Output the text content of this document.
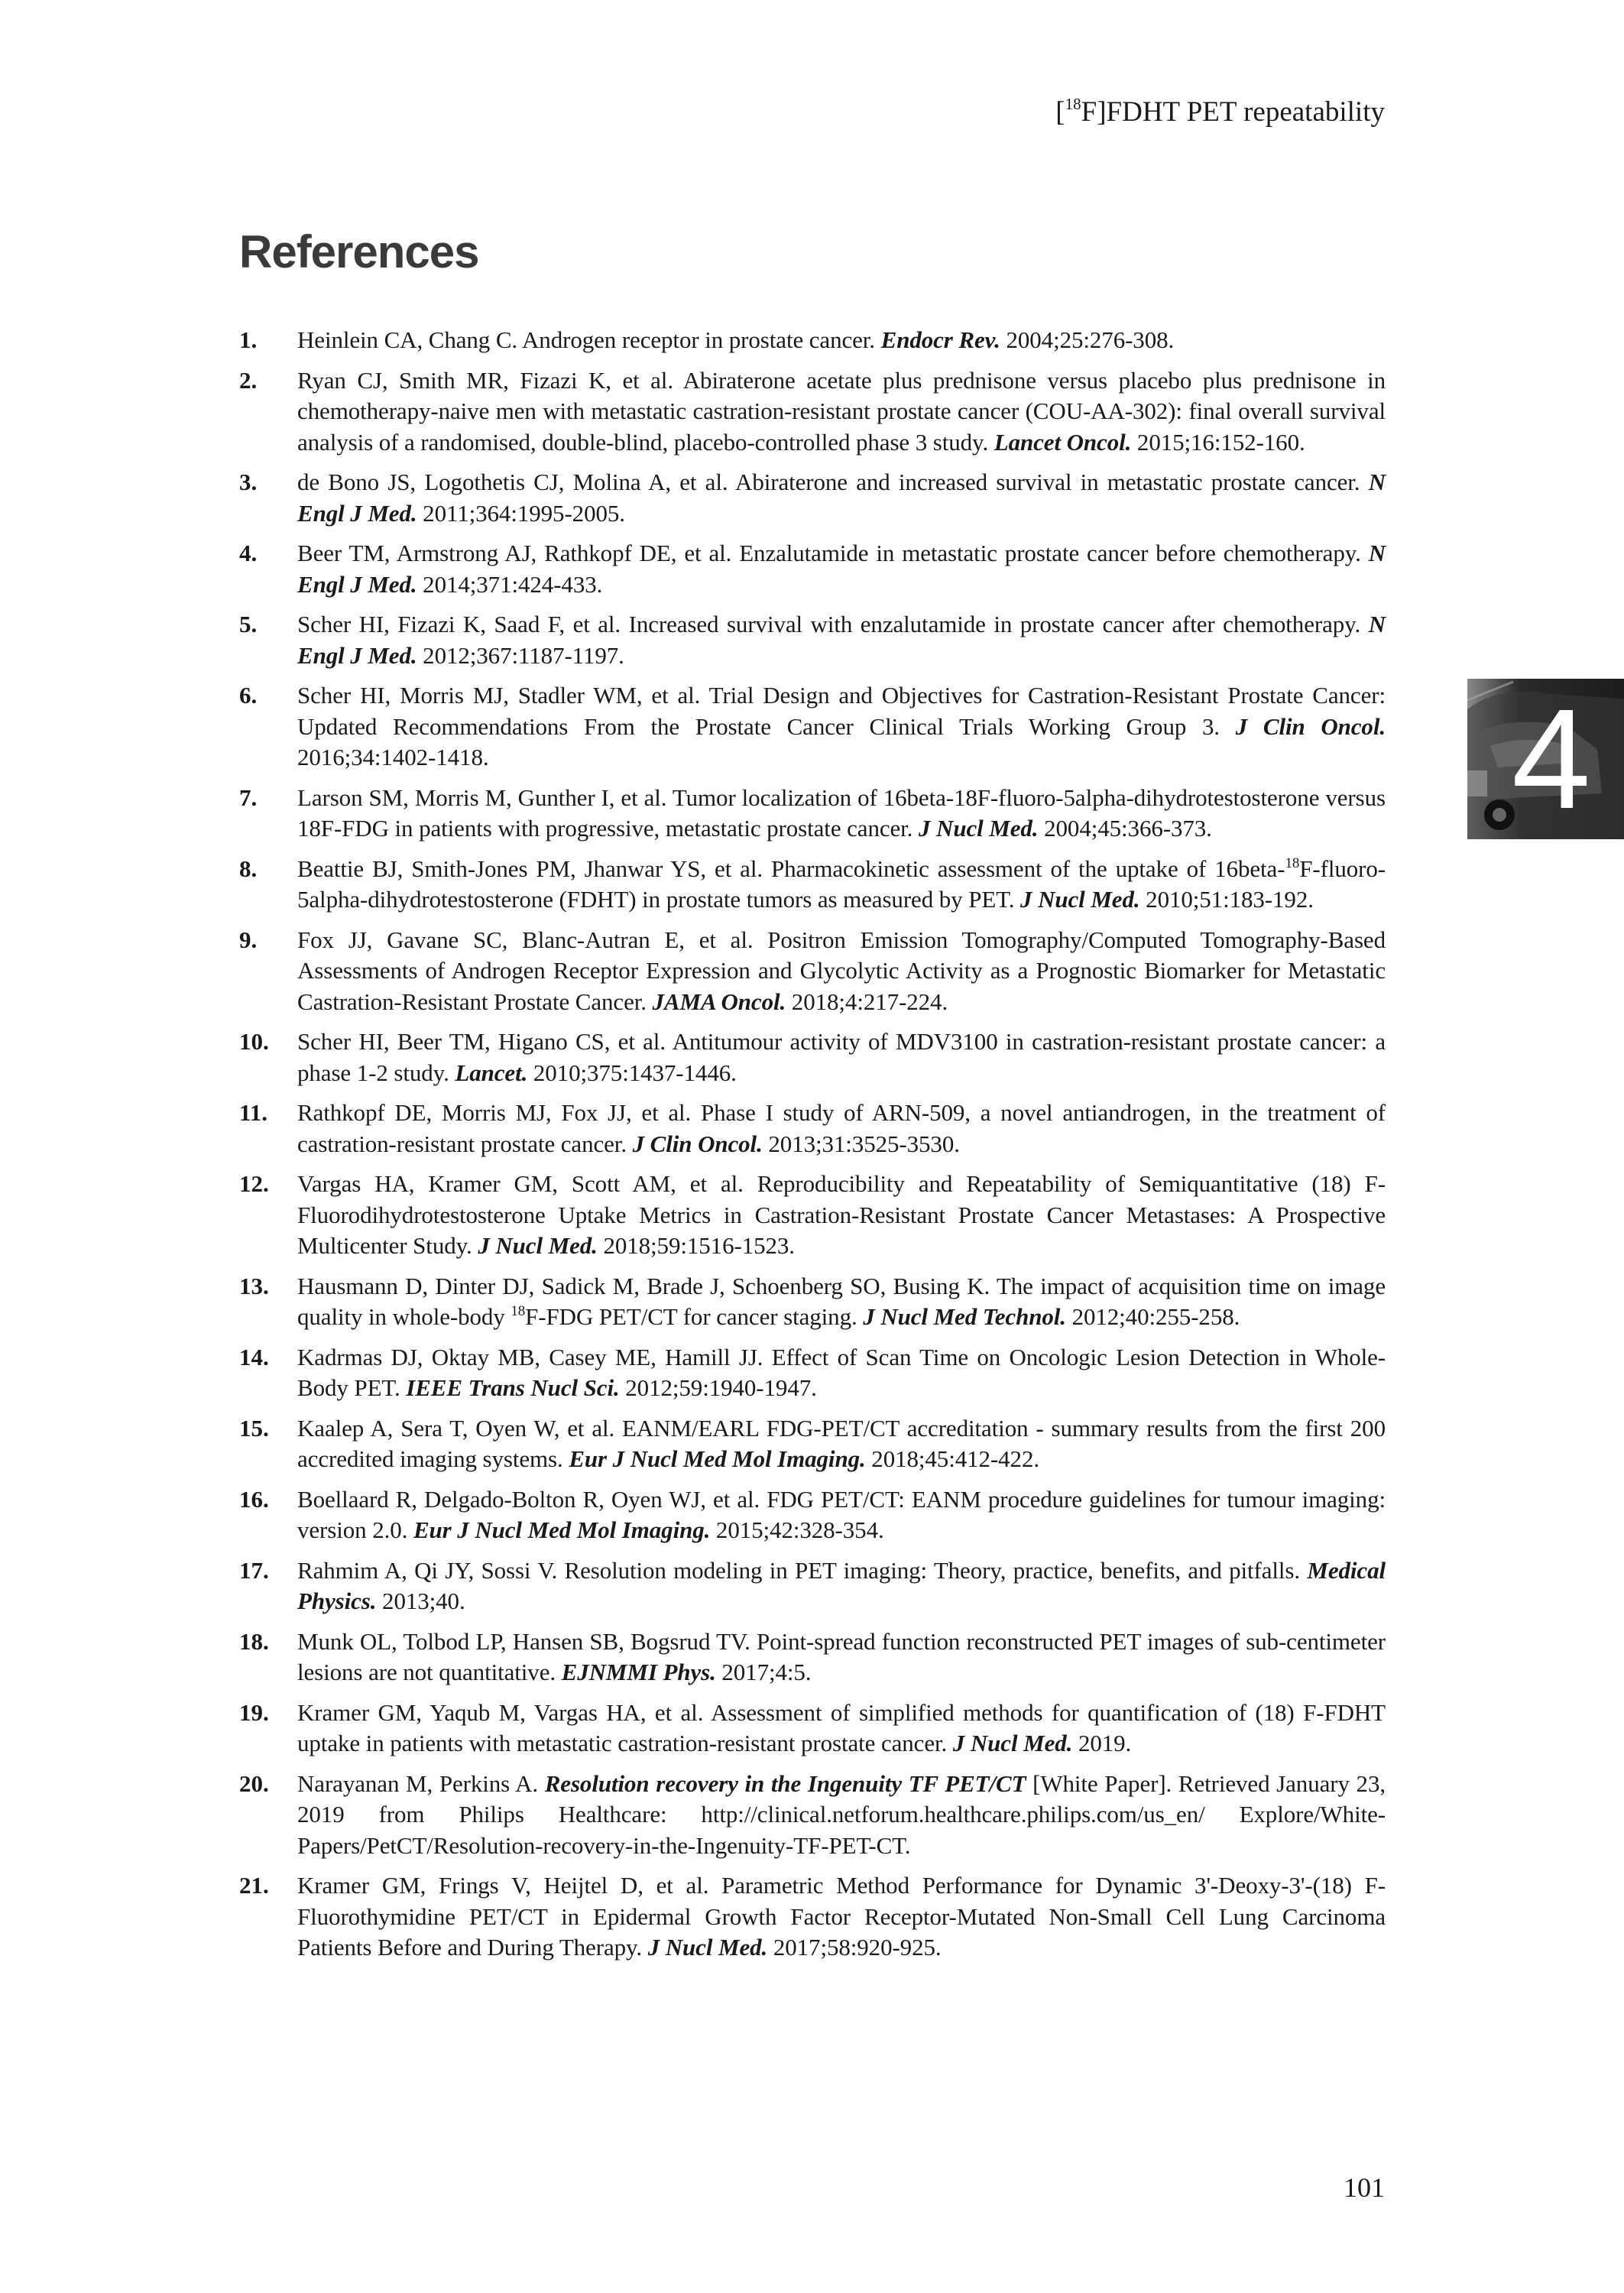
[$^{18}$F]FDHT PET repeatability
References
1.	Heinlein CA, Chang C. Androgen receptor in prostate cancer. Endocr Rev. 2004;25:276-308.
2.	Ryan CJ, Smith MR, Fizazi K, et al. Abiraterone acetate plus prednisone versus placebo plus prednisone in chemotherapy-naive men with metastatic castration-resistant prostate cancer (COU-AA-302): final overall survival analysis of a randomised, double-blind, placebo-controlled phase 3 study. Lancet Oncol. 2015;16:152-160.
3.	de Bono JS, Logothetis CJ, Molina A, et al. Abiraterone and increased survival in metastatic prostate cancer. N Engl J Med. 2011;364:1995-2005.
4.	Beer TM, Armstrong AJ, Rathkopf DE, et al. Enzalutamide in metastatic prostate cancer before chemotherapy. N Engl J Med. 2014;371:424-433.
5.	Scher HI, Fizazi K, Saad F, et al. Increased survival with enzalutamide in prostate cancer after chemotherapy. N Engl J Med. 2012;367:1187-1197.
6.	Scher HI, Morris MJ, Stadler WM, et al. Trial Design and Objectives for Castration-Resistant Prostate Cancer: Updated Recommendations From the Prostate Cancer Clinical Trials Working Group 3. J Clin Oncol. 2016;34:1402-1418.
7.	Larson SM, Morris M, Gunther I, et al. Tumor localization of 16beta-18F-fluoro-5alpha-dihydrotestosterone versus 18F-FDG in patients with progressive, metastatic prostate cancer. J Nucl Med. 2004;45:366-373.
8.	Beattie BJ, Smith-Jones PM, Jhanwar YS, et al. Pharmacokinetic assessment of the uptake of 16beta-$^{18}$F-fluoro-5alpha-dihydrotestosterone (FDHT) in prostate tumors as measured by PET. J Nucl Med. 2010;51:183-192.
9.	Fox JJ, Gavane SC, Blanc-Autran E, et al. Positron Emission Tomography/Computed Tomography-Based Assessments of Androgen Receptor Expression and Glycolytic Activity as a Prognostic Biomarker for Metastatic Castration-Resistant Prostate Cancer. JAMA Oncol. 2018;4:217-224.
10.	Scher HI, Beer TM, Higano CS, et al. Antitumour activity of MDV3100 in castration-resistant prostate cancer: a phase 1-2 study. Lancet. 2010;375:1437-1446.
11.	Rathkopf DE, Morris MJ, Fox JJ, et al. Phase I study of ARN-509, a novel antiandrogen, in the treatment of castration-resistant prostate cancer. J Clin Oncol. 2013;31:3525-3530.
12.	Vargas HA, Kramer GM, Scott AM, et al. Reproducibility and Repeatability of Semiquantitative (18) F-Fluorodihydrotestosterone Uptake Metrics in Castration-Resistant Prostate Cancer Metastases: A Prospective Multicenter Study. J Nucl Med. 2018;59:1516-1523.
13.	Hausmann D, Dinter DJ, Sadick M, Brade J, Schoenberg SO, Busing K. The impact of acquisition time on image quality in whole-body $^{18}$F-FDG PET/CT for cancer staging. J Nucl Med Technol. 2012;40:255-258.
14.	Kadrmas DJ, Oktay MB, Casey ME, Hamill JJ. Effect of Scan Time on Oncologic Lesion Detection in Whole-Body PET. IEEE Trans Nucl Sci. 2012;59:1940-1947.
15.	Kaalep A, Sera T, Oyen W, et al. EANM/EARL FDG-PET/CT accreditation - summary results from the first 200 accredited imaging systems. Eur J Nucl Med Mol Imaging. 2018;45:412-422.
16.	Boellaard R, Delgado-Bolton R, Oyen WJ, et al. FDG PET/CT: EANM procedure guidelines for tumour imaging: version 2.0. Eur J Nucl Med Mol Imaging. 2015;42:328-354.
17.	Rahmim A, Qi JY, Sossi V. Resolution modeling in PET imaging: Theory, practice, benefits, and pitfalls. Medical Physics. 2013;40.
18.	Munk OL, Tolbod LP, Hansen SB, Bogsrud TV. Point-spread function reconstructed PET images of sub-centimeter lesions are not quantitative. EJNMMI Phys. 2017;4:5.
19.	Kramer GM, Yaqub M, Vargas HA, et al. Assessment of simplified methods for quantification of (18) F-FDHT uptake in patients with metastatic castration-resistant prostate cancer. J Nucl Med. 2019.
20.	Narayanan M, Perkins A. Resolution recovery in the Ingenuity TF PET/CT [White Paper]. Retrieved January 23, 2019 from Philips Healthcare: http://clinical.netforum.healthcare.philips.com/us_en/ Explore/White-Papers/PetCT/Resolution-recovery-in-the-Ingenuity-TF-PET-CT.
21.	Kramer GM, Frings V, Heijtel D, et al. Parametric Method Performance for Dynamic 3'-Deoxy-3'-(18) F-Fluorothymidine PET/CT in Epidermal Growth Factor Receptor-Mutated Non-Small Cell Lung Carcinoma Patients Before and During Therapy. J Nucl Med. 2017;58:920-925.
4
101
